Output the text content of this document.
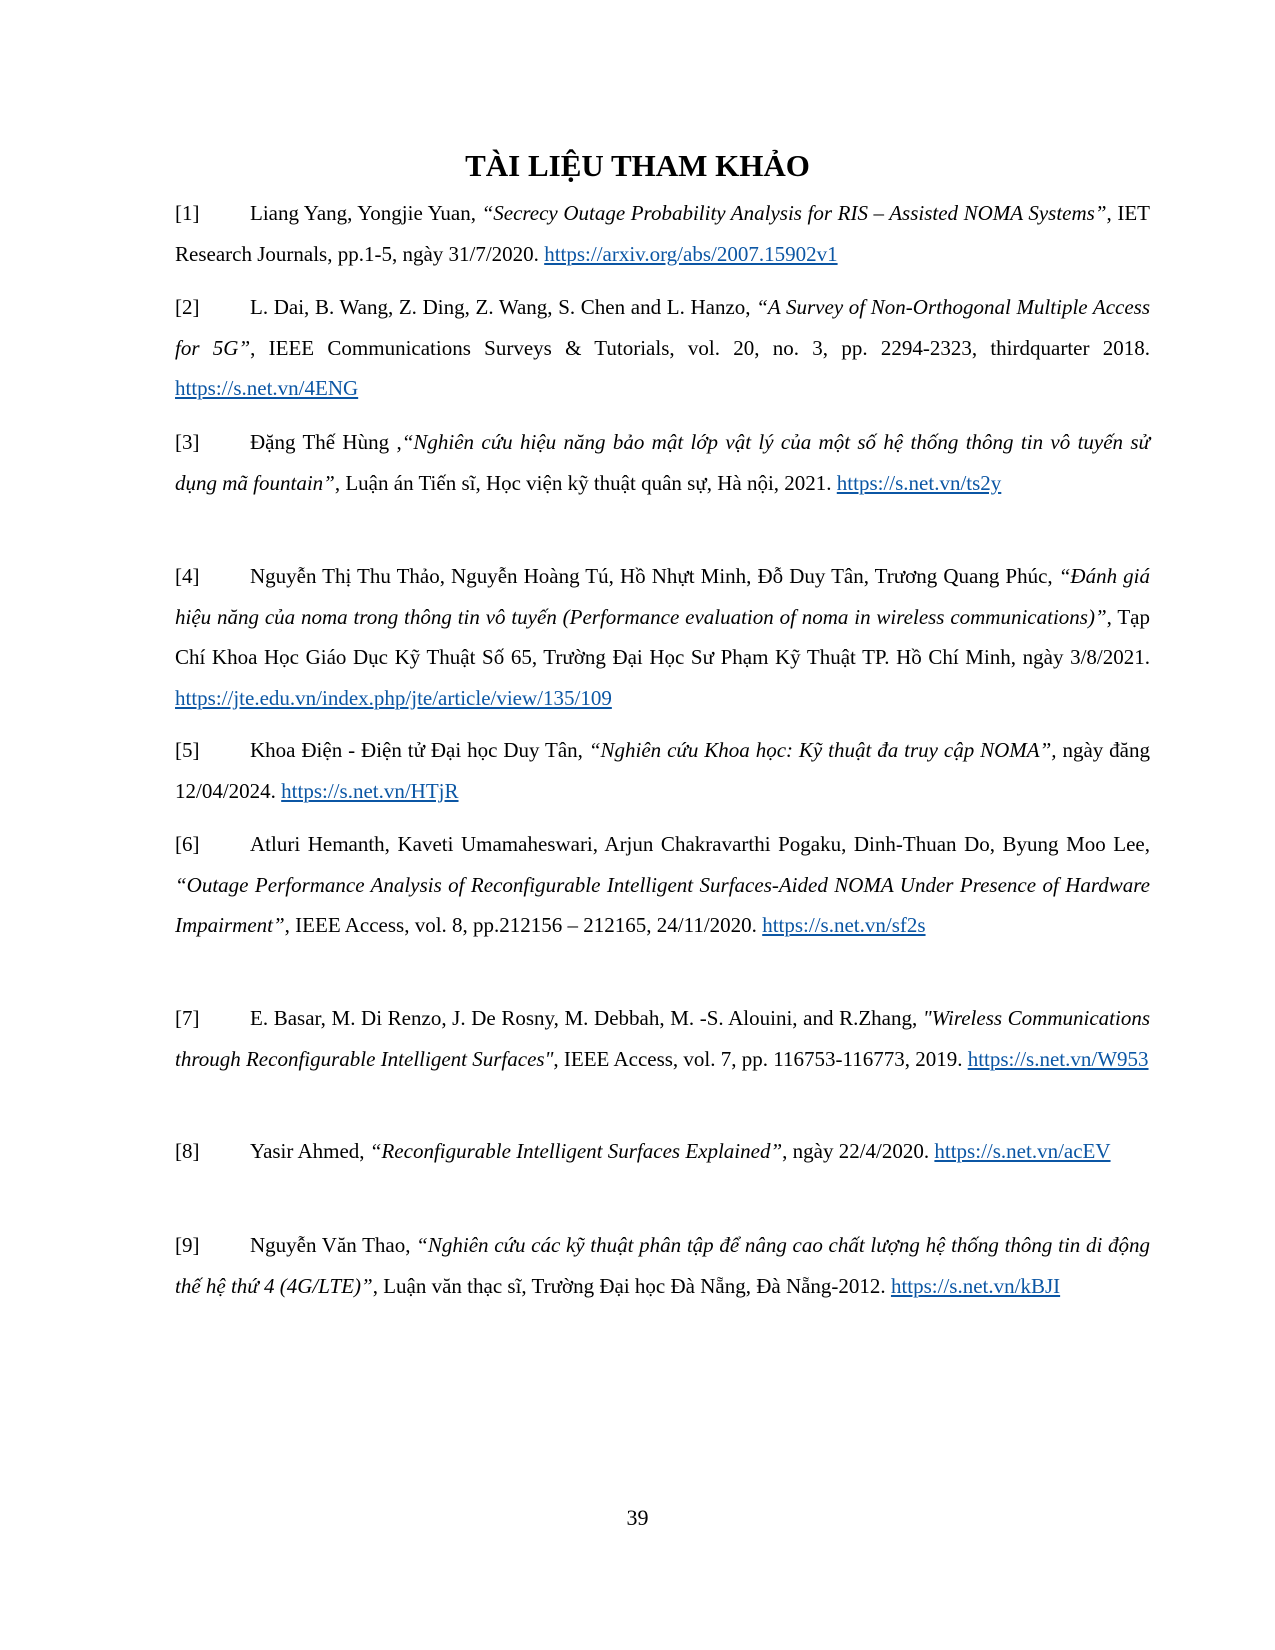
TÀI LIỆU THAM KHẢO

[1] Liang Yang, Yongjie Yuan, “Secrecy Outage Probability Analysis for RIS – Assisted NOMA Systems”, IET Research Journals, pp.1-5, ngày 31/7/2020. https://arxiv.org/abs/2007.15902v1

[2] L. Dai, B. Wang, Z. Ding, Z. Wang, S. Chen and L. Hanzo, “A Survey of Non-Orthogonal Multiple Access for 5G”, IEEE Communications Surveys & Tutorials, vol. 20, no. 3, pp. 2294-2323, thirdquarter 2018. https://s.net.vn/4ENG

[3] Đặng Thế Hùng ,“Nghiên cứu hiệu năng bảo mật lớp vật lý của một số hệ thống thông tin vô tuyến sử dụng mã fountain”, Luận án Tiến sĩ, Học viện kỹ thuật quân sự, Hà nội, 2021. https://s.net.vn/ts2y

[4] Nguyễn Thị Thu Thảo, Nguyễn Hoàng Tú, Hồ Nhựt Minh, Đỗ Duy Tân, Trương Quang Phúc, “Đánh giá hiệu năng của noma trong thông tin vô tuyến (Performance evaluation of noma in wireless communications)”, Tạp Chí Khoa Học Giáo Dục Kỹ Thuật Số 65, Trường Đại Học Sư Phạm Kỹ Thuật TP. Hồ Chí Minh, ngày 3/8/2021. https://jte.edu.vn/index.php/jte/article/view/135/109

[5] Khoa Điện - Điện tử Đại học Duy Tân, “Nghiên cứu Khoa học: Kỹ thuật đa truy cập NOMA”, ngày đăng 12/04/2024. https://s.net.vn/HTjR

[6] Atluri Hemanth, Kaveti Umamaheswari, Arjun Chakravarthi Pogaku, Dinh-Thuan Do, Byung Moo Lee, “Outage Performance Analysis of Reconfigurable Intelligent Surfaces-Aided NOMA Under Presence of Hardware Impairment”, IEEE Access, vol. 8, pp.212156 – 212165, 24/11/2020. https://s.net.vn/sf2s

[7] E. Basar, M. Di Renzo, J. De Rosny, M. Debbah, M. -S. Alouini, and R.Zhang, "Wireless Communications through Reconfigurable Intelligent Surfaces", IEEE Access, vol. 7, pp. 116753-116773, 2019. https://s.net.vn/W953

[8] Yasir Ahmed, “Reconfigurable Intelligent Surfaces Explained”, ngày 22/4/2020. https://s.net.vn/acEV

[9] Nguyễn Văn Thao, “Nghiên cứu các kỹ thuật phân tập để nâng cao chất lượng hệ thống thông tin di động thế hệ thứ 4 (4G/LTE)”, Luận văn thạc sĩ, Trường Đại học Đà Nẵng, Đà Nẵng-2012. https://s.net.vn/kBJI

39
